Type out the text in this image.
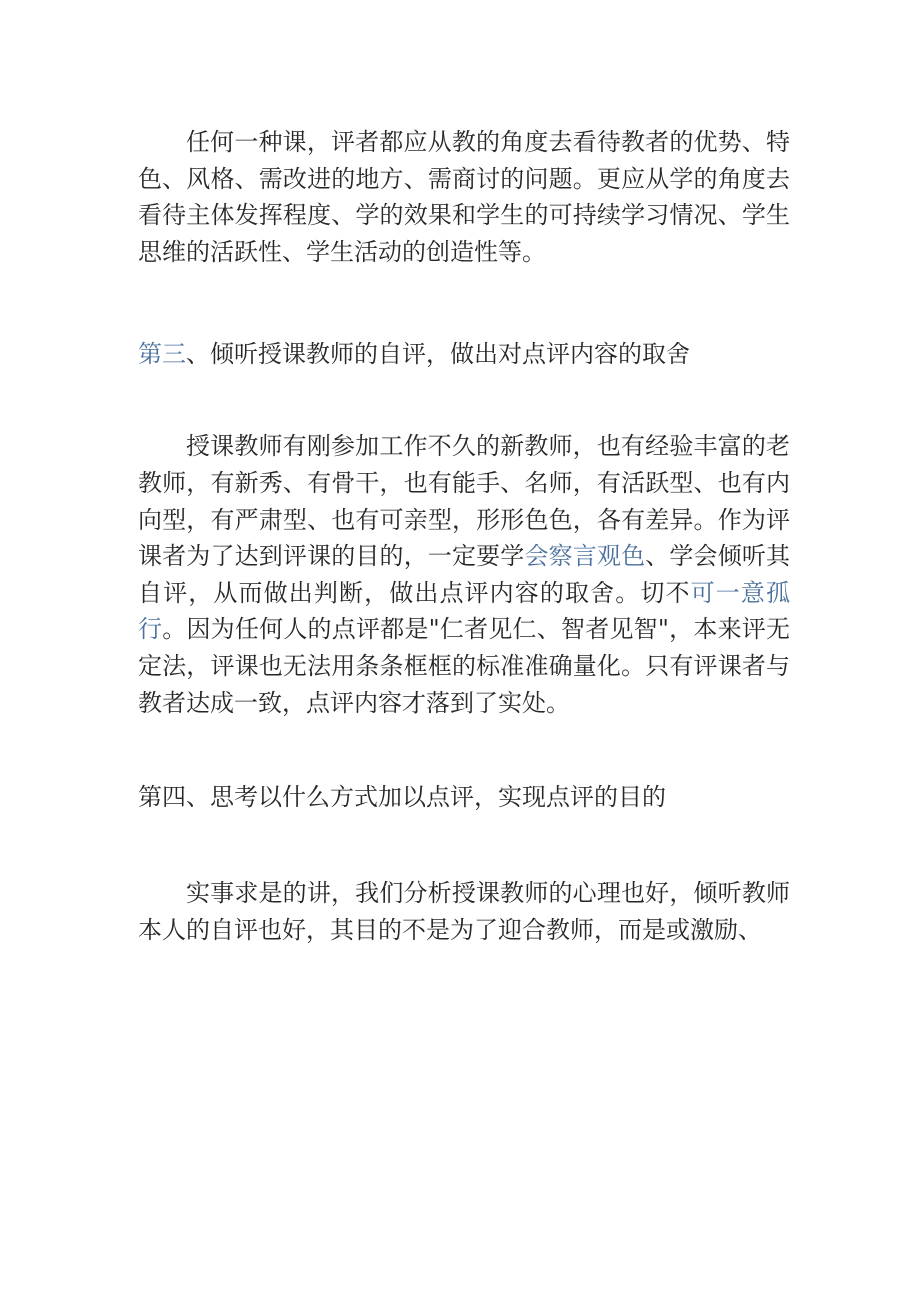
任何一种课，评者都应从教的角度去看待教者的优势、特色、风格、需改进的地方、需商讨的问题。更应从学的角度去看待主体发挥程度、学的效果和学生的可持续学习情况、学生思维的活跃性、学生活动的创造性等。

第三、倾听授课教师的自评，做出对点评内容的取舍

授课教师有刚参加工作不久的新教师，也有经验丰富的老教师，有新秀、有骨干，也有能手、名师，有活跃型、也有内向型，有严肃型、也有可亲型，形形色色，各有差异。作为评课者为了达到评课的目的，一定要学会察言观色、学会倾听其自评，从而做出判断，做出点评内容的取舍。切不可一意孤行。因为任何人的点评都是"仁者见仁、智者见智"，本来评无定法，评课也无法用条条框框的标准准确量化。只有评课者与教者达成一致，点评内容才落到了实处。

第四、思考以什么方式加以点评，实现点评的目的

实事求是的讲，我们分析授课教师的心理也好，倾听教师本人的自评也好，其目的不是为了迎合教师，而是或激励、
